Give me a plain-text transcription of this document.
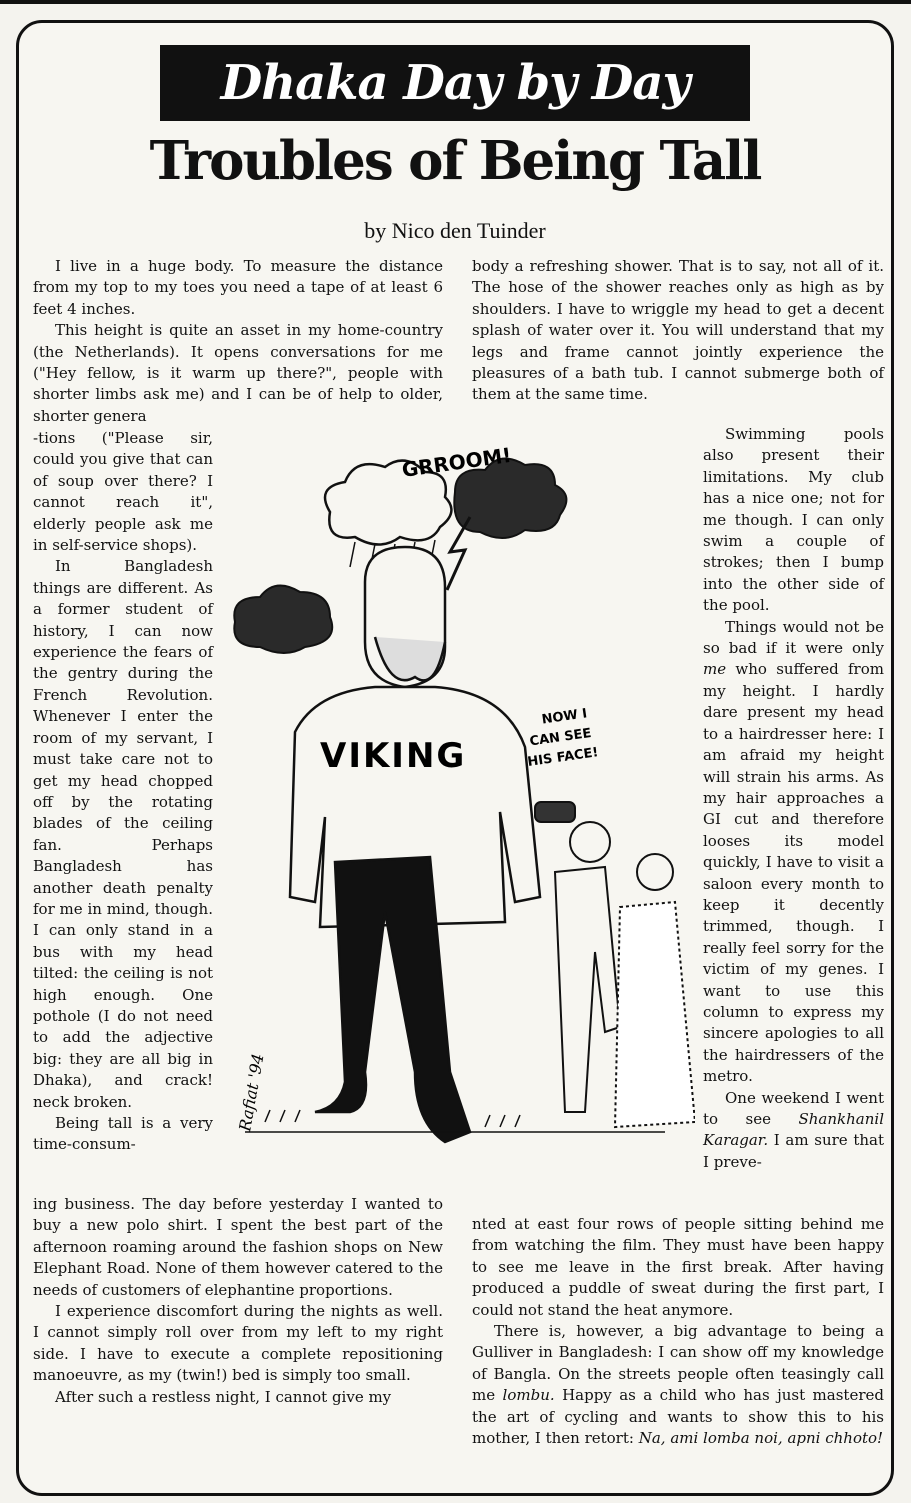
Dhaka Day by Day
Troubles of Being Tall
by Nico den Tuinder

I live in a huge body. To measure the distance from my top to my toes you need a tape of at least 6 feet 4 inches.

This height is quite an asset in my home-country (the Netherlands). It opens conversations for me ("Hey fellow, is it warm up there?", people with shorter limbs ask me) and I can be of help to older, shorter genera

-tions ("Please sir, could you give that can of soup over there? I cannot reach it", elderly people ask me in self-service shops).

In Bangladesh things are different. As a former student of history, I can now experience the fears of the gentry during the French Revolution. Whenever I enter the room of my servant, I must take care not to get my head chopped off by the rotating blades of the ceiling fan. Perhaps Bangladesh has another death penalty for me in mind, though. I can only stand in a bus with my head tilted: the ceiling is not high enough. One pothole (I do not need to add the adjective big: they are all big in Dhaka), and crack! neck broken.

Being tall is a very time-consum-

ing business. The day before yesterday I wanted to buy a new polo shirt. I spent the best part of the afternoon roaming around the fashion shops on New Elephant Road. None of them however catered to the needs of customers of elephantine proportions.

I experience discomfort during the nights as well. I cannot simply roll over from my left to my right side. I have to execute a complete repositioning manoeuvre, as my (twin!) bed is simply too small.

After such a restless night, I cannot give my

body a refreshing shower. That is to say, not all of it. The hose of the shower reaches only as high as by shoulders. I have to wriggle my head to get a decent splash of water over it. You will understand that my legs and frame cannot jointly experience the pleasures of a bath tub. I cannot submerge both of them at the same time.

Swimming pools also present their limitations. My club has a nice one; not for me though. I can only swim a couple of strokes; then I bump into the other side of the pool.

Things would not be so bad if it were only me who suffered from my height. I hardly dare present my head to a hairdresser here: I am afraid my height will strain his arms. As my hair approaches a GI cut and therefore looses its model quickly, I have to visit a saloon every month to keep it decently trimmed, though. I really feel sorry for the victim of my genes. I want to use this column to express my sincere apologies to all the hairdressers of the metro.

One weekend I went to see Shankhanil Karagar. I am sure that I preve-

nted at east four rows of people sitting behind me from watching the film. They must have been happy to see me leave in the first break. After having produced a puddle of sweat during the first part, I could not stand the heat anymore.

There is, however, a big advantage to being a Gulliver in Bangladesh: I can show off my knowledge of Bangla. On the streets people often teasingly call me lombu. Happy as a child who has just mastered the art of cycling and wants to show this to his mother, I then retort: Na, ami lomba noi, apni chhoto!

GRROOM!
VIKING
NOW I
CAN SEE
HIS FACE!
Rafiat '94
